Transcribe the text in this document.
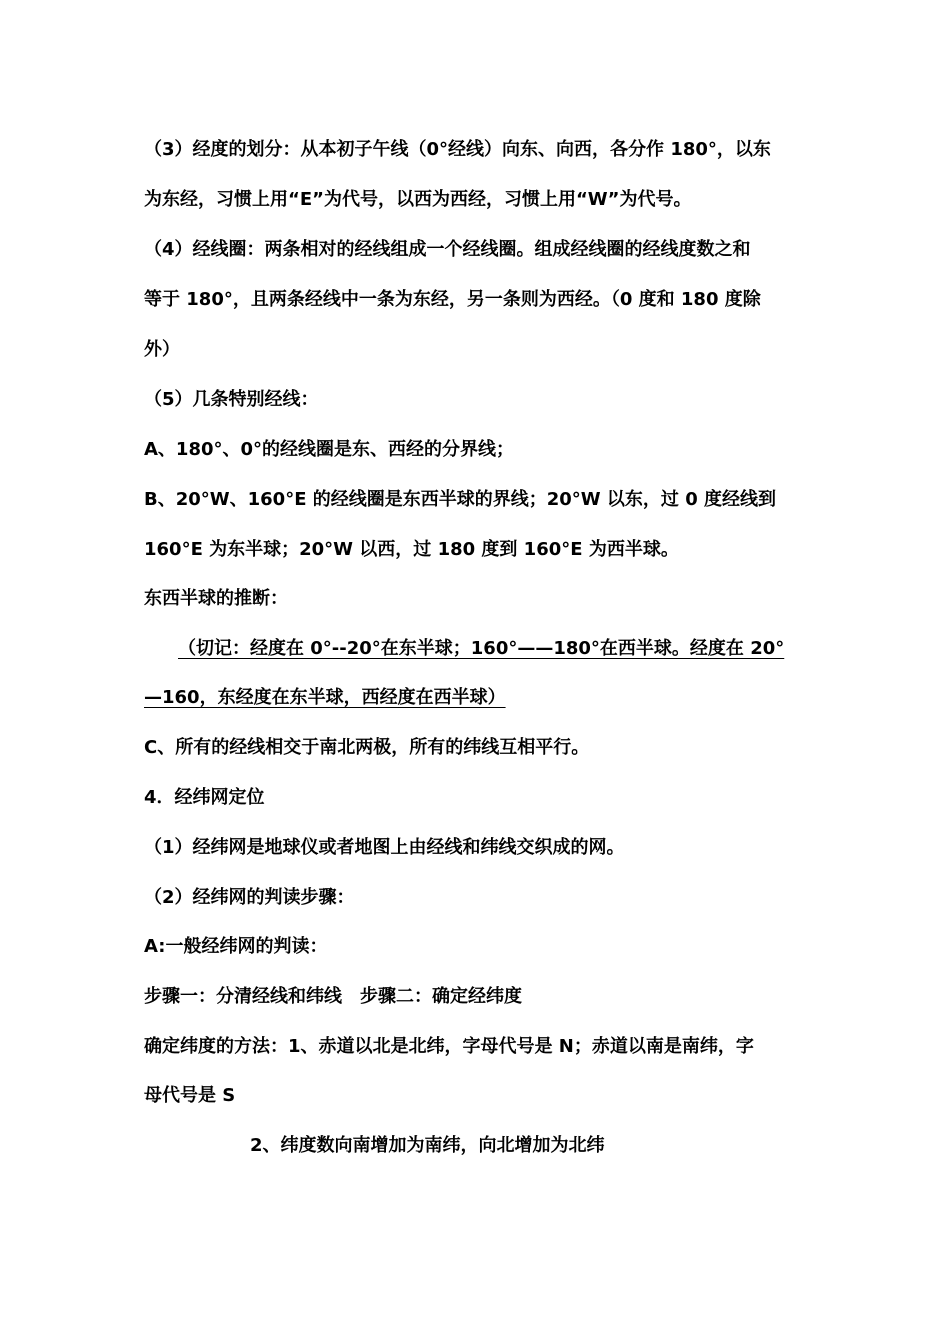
（3）经度的划分：从本初子午线（0°经线）向东、向西，各分作 180°，以东
为东经，习惯上用“E”为代号，以西为西经，习惯上用“W”为代号。
（4）经线圈：两条相对的经线组成一个经线圈。组成经线圈的经线度数之和
等于 180°，且两条经线中一条为东经，另一条则为西经。（0 度和 180 度除
外）
（5）几条特别经线：
A、180°、0°的经线圈是东、西经的分界线；
B、20°W、160°E 的经线圈是东西半球的界线；20°W 以东，过 0 度经线到
160°E 为东半球；20°W 以西，过 180 度到 160°E 为西半球。
东西半球的推断：
（切记：经度在 0°--20°在东半球；160°——180°在西半球。经度在 20°
—160，东经度在东半球，西经度在西半球）
C、所有的经线相交于南北两极，所有的纬线互相平行。
4．经纬网定位
（1）经纬网是地球仪或者地图上由经线和纬线交织成的网。
（2）经纬网的判读步骤：
A:一般经纬网的判读：
步骤一：分清经线和纬线　步骤二：确定经纬度
确定纬度的方法：1、赤道以北是北纬，字母代号是 N；赤道以南是南纬，字
母代号是 S
2、纬度数向南增加为南纬，向北增加为北纬
